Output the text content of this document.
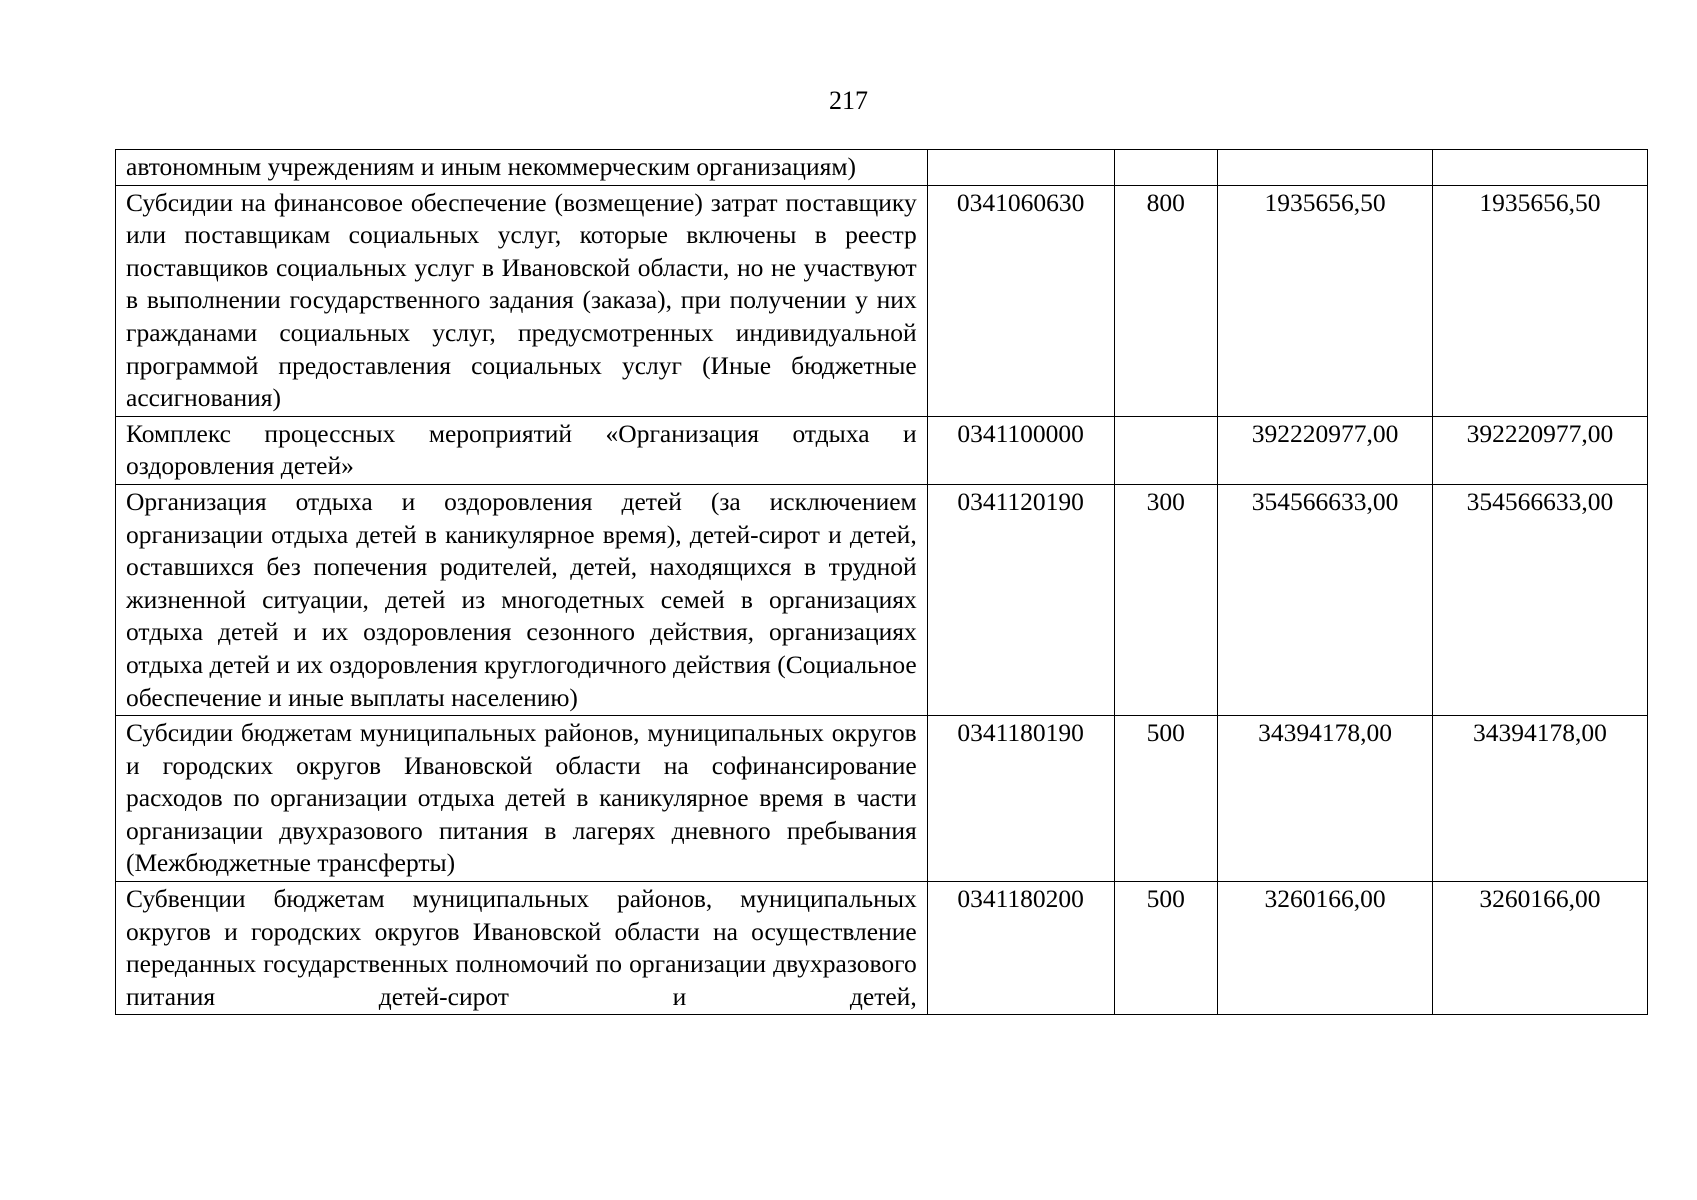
217
автономным учреждениям и иным некоммерческим организациям)				
Субсидии на финансовое обеспечение (возмещение) затрат поставщику или поставщикам социальных услуг, которые включены в реестр поставщиков социальных услуг в Ивановской области, но не участвуют в выполнении государственного задания (заказа), при получении у них гражданами социальных услуг, предусмотренных индивидуальной программой предоставления социальных услуг (Иные бюджетные ассигнования)	0341060630	800	1935656,50	1935656,50
Комплекс процессных мероприятий «Организация отдыха и оздоровления детей»	0341100000		392220977,00	392220977,00
Организация отдыха и оздоровления детей (за исключением организации отдыха детей в каникулярное время), детей-сирот и детей, оставшихся без попечения родителей, детей, находящихся в трудной жизненной ситуации, детей из многодетных семей в организациях отдыха детей и их оздоровления сезонного действия, организациях отдыха детей и их оздоровления круглогодичного действия (Социальное обеспечение и иные выплаты населению)	0341120190	300	354566633,00	354566633,00
Субсидии бюджетам муниципальных районов, муниципальных округов и городских округов Ивановской области на софинансирование расходов по организации отдыха детей в каникулярное время в части организации двухразового питания в лагерях дневного пребывания (Межбюджетные трансферты)	0341180190	500	34394178,00	34394178,00
Субвенции бюджетам муниципальных районов, муниципальных округов и городских округов Ивановской области на осуществление переданных государственных полномочий по организации двухразового питания детей-сирот и детей,	0341180200	500	3260166,00	3260166,00
